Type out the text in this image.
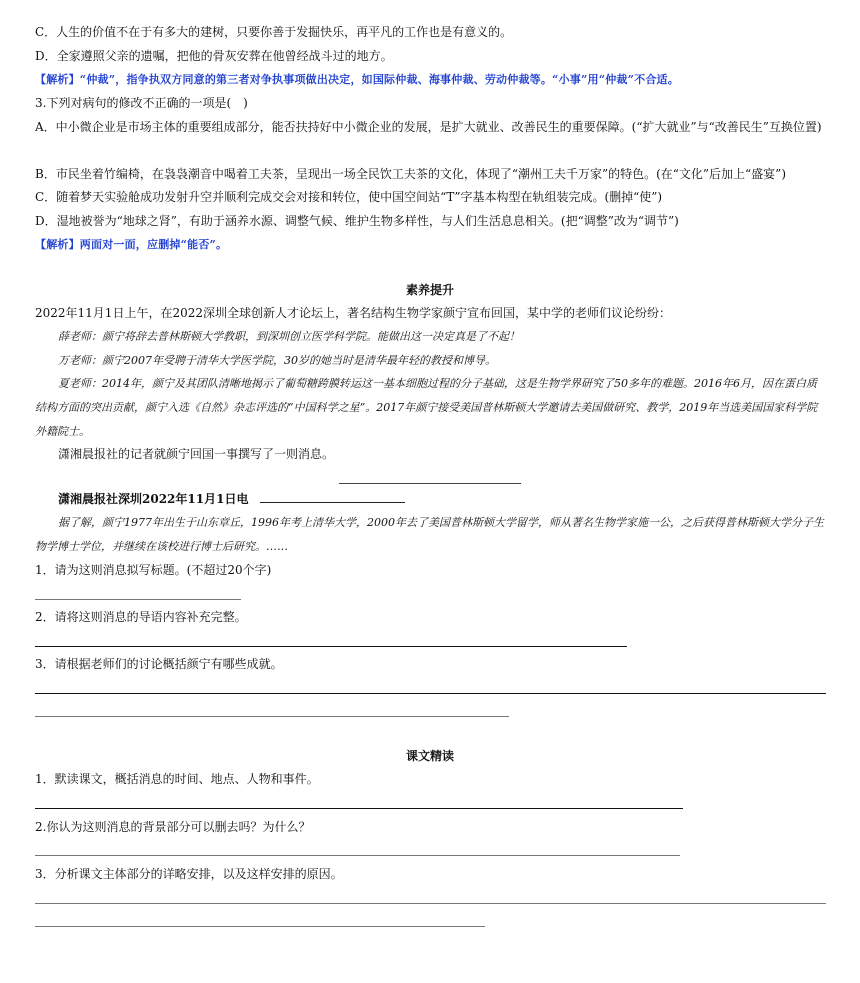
C．人生的价值不在于有多大的建树，只要你善于发掘快乐，再平凡的工作也是有意义的。
D．全家遵照父亲的遗嘱，把他的骨灰安葬在他曾经战斗过的地方。
【解析】“仲裁”，指争执双方同意的第三者对争执事项做出决定，如国际仲裁、海事仲裁、劳动仲裁等。“小事”用“仲裁”不合适。
3.下列对病句的修改不正确的一项是(　)
A．中小微企业是市场主体的重要组成部分，能否扶持好中小微企业的发展，是扩大就业、改善民生的重要保障。(“扩大就业”与“改善民生”互换位置)
B．市民坐着竹编椅，在袅袅潮音中喝着工夫茶，呈现出一场全民饮工夫茶的文化，体现了“潮州工夫千万家”的特色。(在“文化”后加上“盛宴”)
C．随着梦天实验舱成功发射升空并顺利完成交会对接和转位，使中国空间站“T”字基本构型在轨组装完成。(删掉“使”)
D．湿地被誉为“地球之肾”，有助于涵养水源、调整气候、维护生物多样性，与人们生活息息相关。(把“调整”改为“调节”)
【解析】两面对一面，应删掉“能否”。
素养提升
2022年11月1日上午，在2022深圳全球创新人才论坛上，著名结构生物学家颜宁宣布回国，某中学的老师们议论纷纷：
薛老师：颜宁将辞去普林斯顿大学教职，到深圳创立医学科学院。能做出这一决定真是了不起！
万老师：颜宁2007年受聘于清华大学医学院，30岁的她当时是清华最年轻的教授和博导。
夏老师：2014年，颜宁及其团队清晰地揭示了葡萄糖跨膜转运这一基本细胞过程的分子基础，这是生物学界研究了50多年的难题。2016年6月，因在蛋白质结构方面的突出贡献，颜宁入选《自然》杂志评选的“中国科学之星”。2017年颜宁接受美国普林斯顿大学邀请去美国做研究、教学，2019年当选美国国家科学院外籍院士。
潇湘晨报社的记者就颜宁回国一事撰写了一则消息。
潇湘晨报社深圳2022年11月1日电
据了解，颜宁1977年出生于山东章丘，1996年考上清华大学，2000年去了美国普林斯顿大学留学，师从著名生物学家施一公，之后获得普林斯顿大学分子生物学博士学位，并继续在该校进行博士后研究。……
1．请为这则消息拟写标题。(不超过20个字)
2．请将这则消息的导语内容补充完整。
3．请根据老师们的讨论概括颜宁有哪些成就。
课文精读
1．默读课文，概括消息的时间、地点、人物和事件。
2.你认为这则消息的背景部分可以删去吗？为什么？
3．分析课文主体部分的详略安排，以及这样安排的原因。
